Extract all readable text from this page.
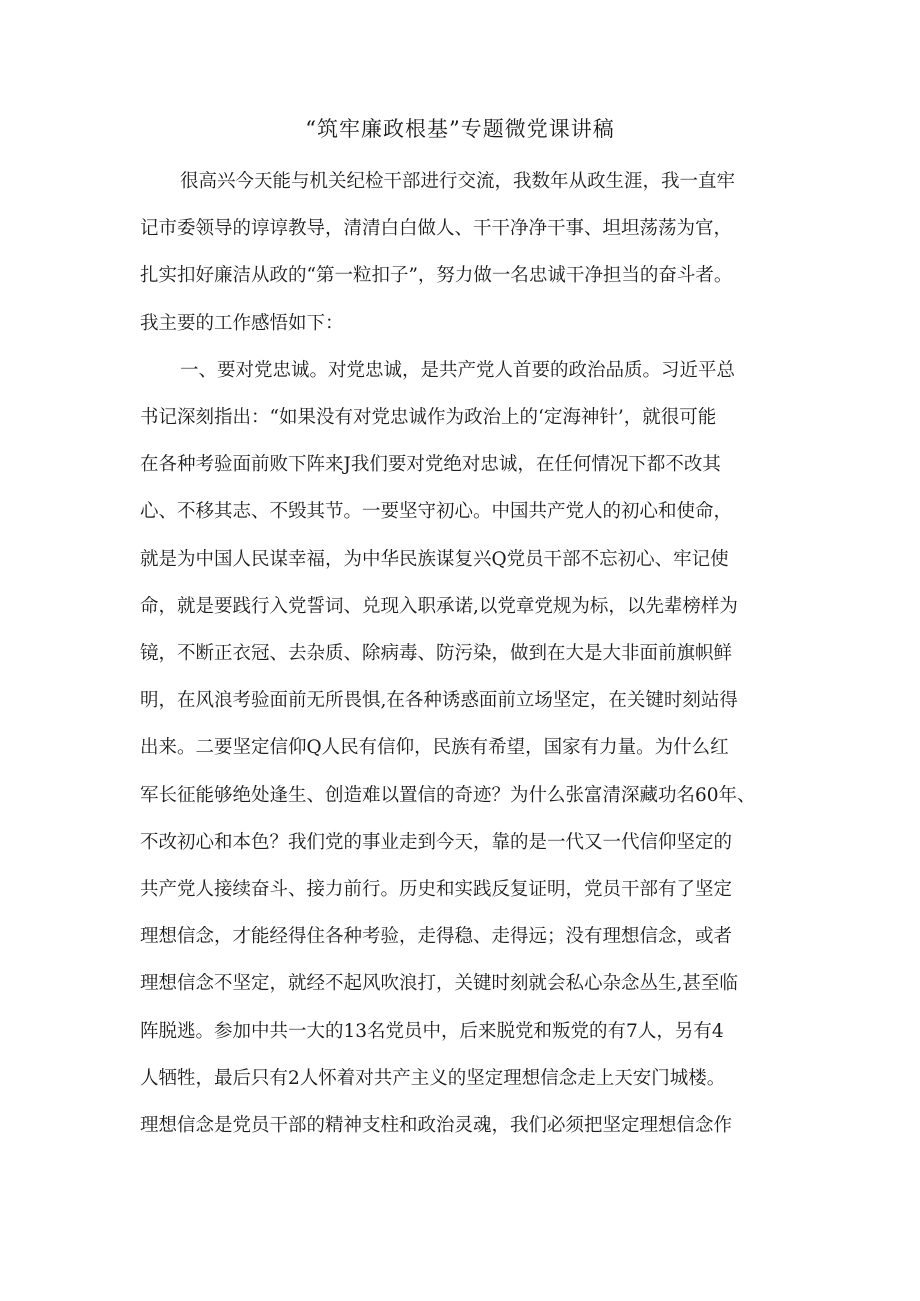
“筑牢廉政根基”专题微党课讲稿
很高兴今天能与机关纪检干部进行交流，我数年从政生涯，我一直牢
记市委领导的谆谆教导，清清白白做人、干干净净干事、坦坦荡荡为官，
扎实扣好廉洁从政的“第一粒扣子”，努力做一名忠诚干净担当的奋斗者。
我主要的工作感悟如下：
一、要对党忠诚。对党忠诚，是共产党人首要的政治品质。习近平总
书记深刻指出：“如果没有对党忠诚作为政治上的‘定海神针’，就很可能
在各种考验面前败下阵来J我们要对党绝对忠诚，在任何情况下都不改其
心、不移其志、不毁其节。一要坚守初心。中国共产党人的初心和使命，
就是为中国人民谋幸福，为中华民族谋复兴Q党员干部不忘初心、牢记使
命，就是要践行入党誓词、兑现入职承诺,以党章党规为标，以先辈榜样为
镜，不断正衣冠、去杂质、除病毒、防污染，做到在大是大非面前旗帜鲜
明，在风浪考验面前无所畏惧,在各种诱惑面前立场坚定，在关键时刻站得
出来。二要坚定信仰Q人民有信仰，民族有希望，国家有力量。为什么红
军长征能够绝处逢生、创造难以置信的奇迹？为什么张富清深藏功名60年、
不改初心和本色？我们党的事业走到今天，靠的是一代又一代信仰坚定的
共产党人接续奋斗、接力前行。历史和实践反复证明，党员干部有了坚定
理想信念，才能经得住各种考验，走得稳、走得远；没有理想信念，或者
理想信念不坚定，就经不起风吹浪打，关键时刻就会私心杂念丛生,甚至临
阵脱逃。参加中共一大的13名党员中，后来脱党和叛党的有7人，另有4
人牺牲，最后只有2人怀着对共产主义的坚定理想信念走上天安门城楼。
理想信念是党员干部的精神支柱和政治灵魂，我们必须把坚定理想信念作
